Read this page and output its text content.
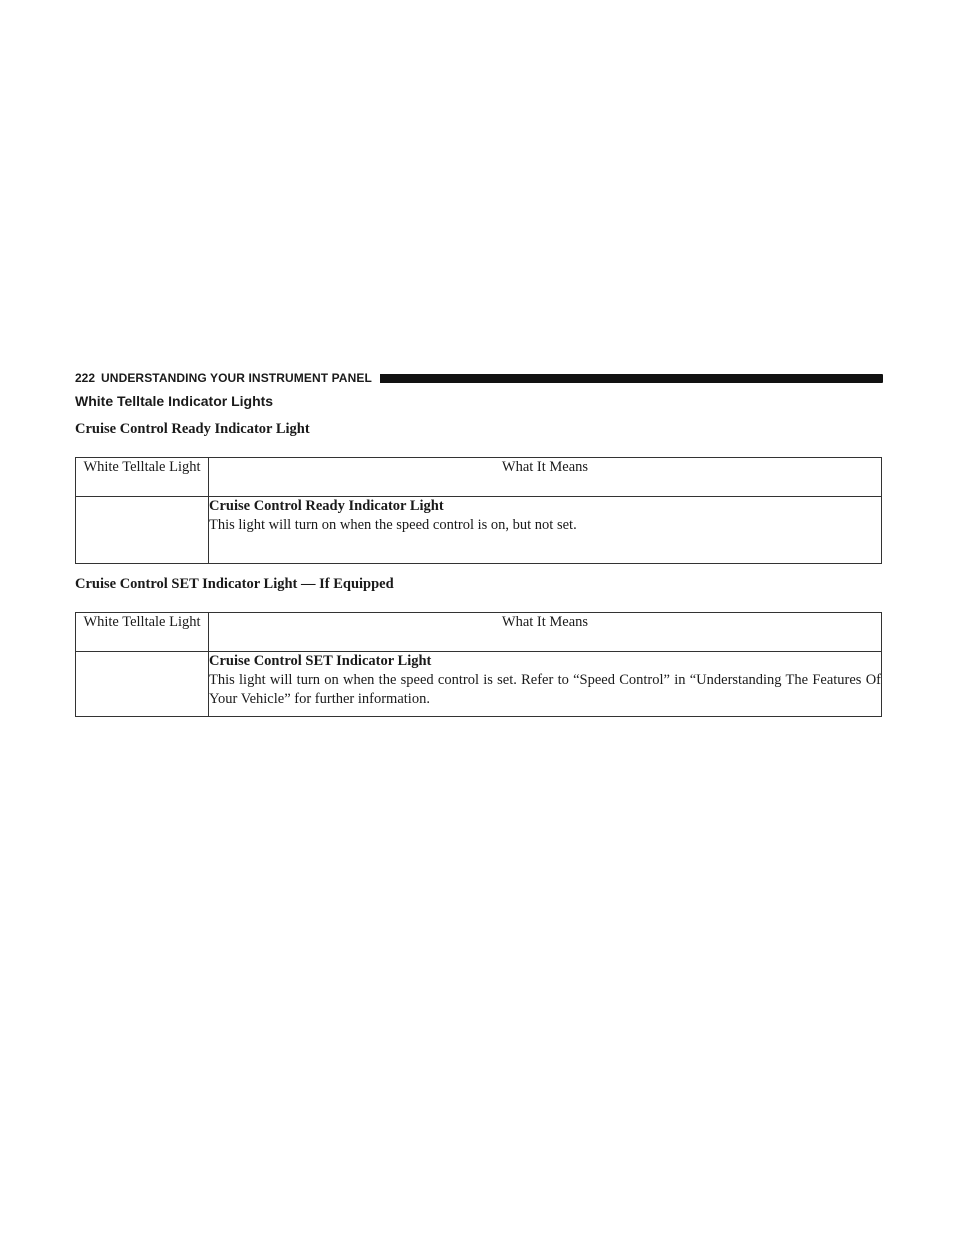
222 UNDERSTANDING YOUR INSTRUMENT PANEL
White Telltale Indicator Lights
Cruise Control Ready Indicator Light
White Telltale Light	What It Means

	Cruise Control Ready Indicator Light
This light will turn on when the speed control is on, but not set.
Cruise Control SET Indicator Light — If Equipped
White Telltale Light	What It Means

	Cruise Control SET Indicator Light
This light will turn on when the speed control is set. Refer to “Speed Control” in “Understanding The Features Of Your Vehicle” for further information.
